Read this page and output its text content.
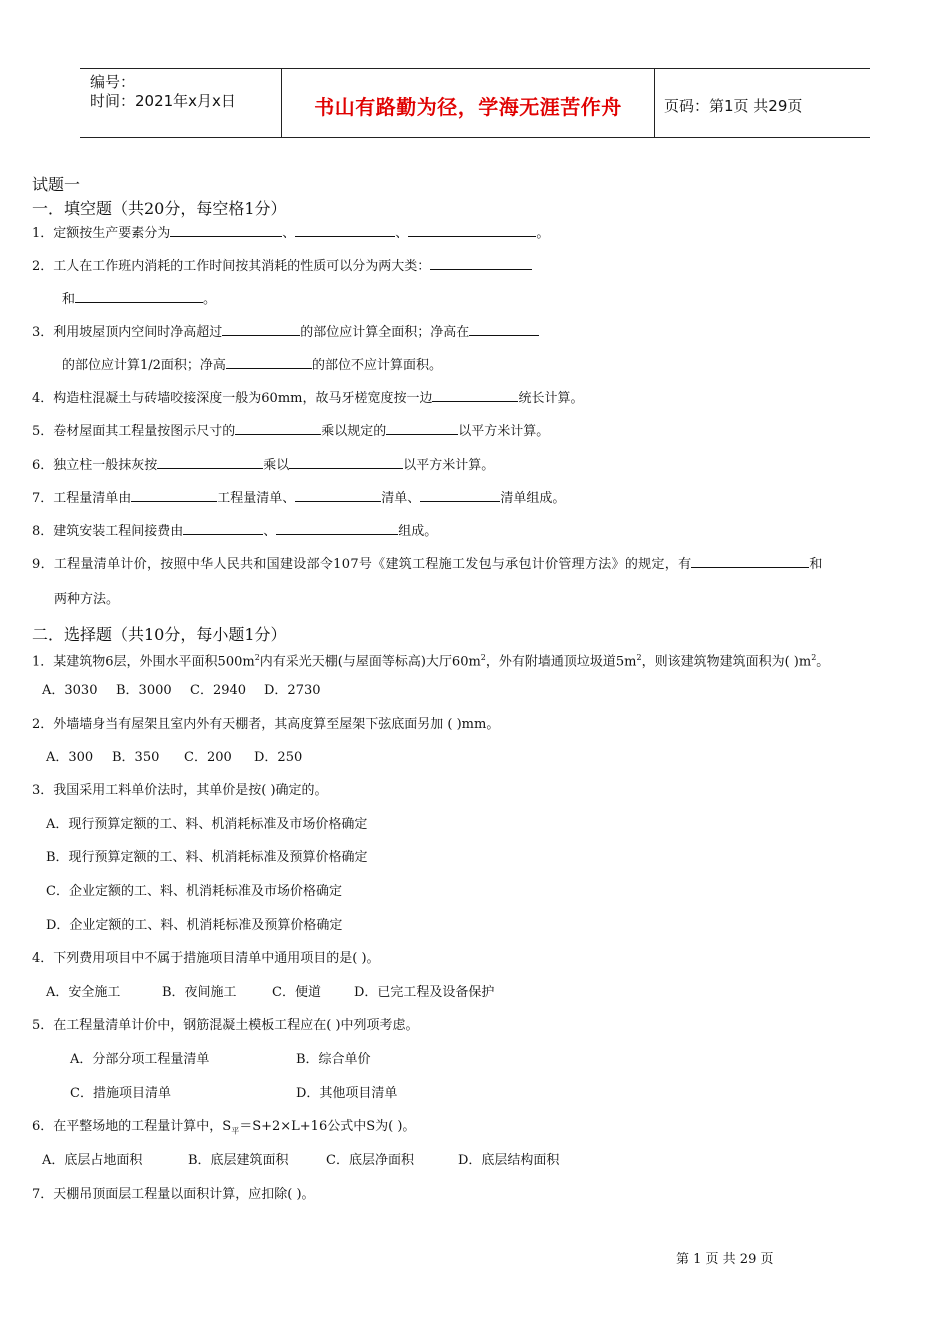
编号：
时间：2021年x月x日	书山有路勤为径，学海无涯苦作舟	页码：第1页 共29页
试题一
一．填空题（共20分，每空格1分）
1．定额按生产要素分为	、	、	。
2．工人在工作班内消耗的工作时间按其消耗的性质可以分为两大类：
和	。
3．利用坡屋顶内空间时净高超过	的部位应计算全面积；净高在
的部位应计算1/2面积；净高	的部位不应计算面积。
4．构造柱混凝土与砖墙咬接深度一般为60mm，故马牙槎宽度按一边	统长计算。
5．卷材屋面其工程量按图示尺寸的	乘以规定的	以平方米计算。
6．独立柱一般抹灰按	乘以	以平方米计算。
7．工程量清单由	工程量清单、	清单、	清单组成。
8．建筑安装工程间接费由	、	组成。
9．工程量清单计价，按照中华人民共和国建设部令107号《建筑工程施工发包与承包计价管理方法》的规定，有	和
两种方法。
二．选择题（共10分，每小题1分）
1．某建筑物6层，外围水平面积$500m^2$内有采光天棚(与屋面等标高)大厅$60m^2$，外有附墙通顶垃圾道$5m^2$，则该建筑物建筑面积为( )$m^2$。
A．3030 B．3000 C．2940 D．2730
2．外墙墙身当有屋架且室内外有天棚者，其高度算至屋架下弦底面另加 ( )mm。
A．300 B．350 C．200 D．250
3．我国采用工料单价法时，其单价是按( )确定的。
A．现行预算定额的工、料、机消耗标准及市场价格确定
B．现行预算定额的工、料、机消耗标准及预算价格确定
C．企业定额的工、料、机消耗标准及市场价格确定
D．企业定额的工、料、机消耗标准及预算价格确定
4．下列费用项目中不属于措施项目清单中通用项目的是( )。
A．安全施工	B．夜间施工	C．便道	D．已完工程及设备保护
5．在工程量清单计价中，钢筋混凝土模板工程应在( )中列项考虑。
A．分部分项工程量清单	B．综合单价
C．措施项目清单	D．其他项目清单
6．在平整场地的工程量计算中，$S_平=S+2\times L+16$公式中S为( )。
A．底层占地面积	B．底层建筑面积	C．底层净面积	D．底层结构面积
7．天棚吊顶面层工程量以面积计算，应扣除( )。
第 1 页 共 29 页
